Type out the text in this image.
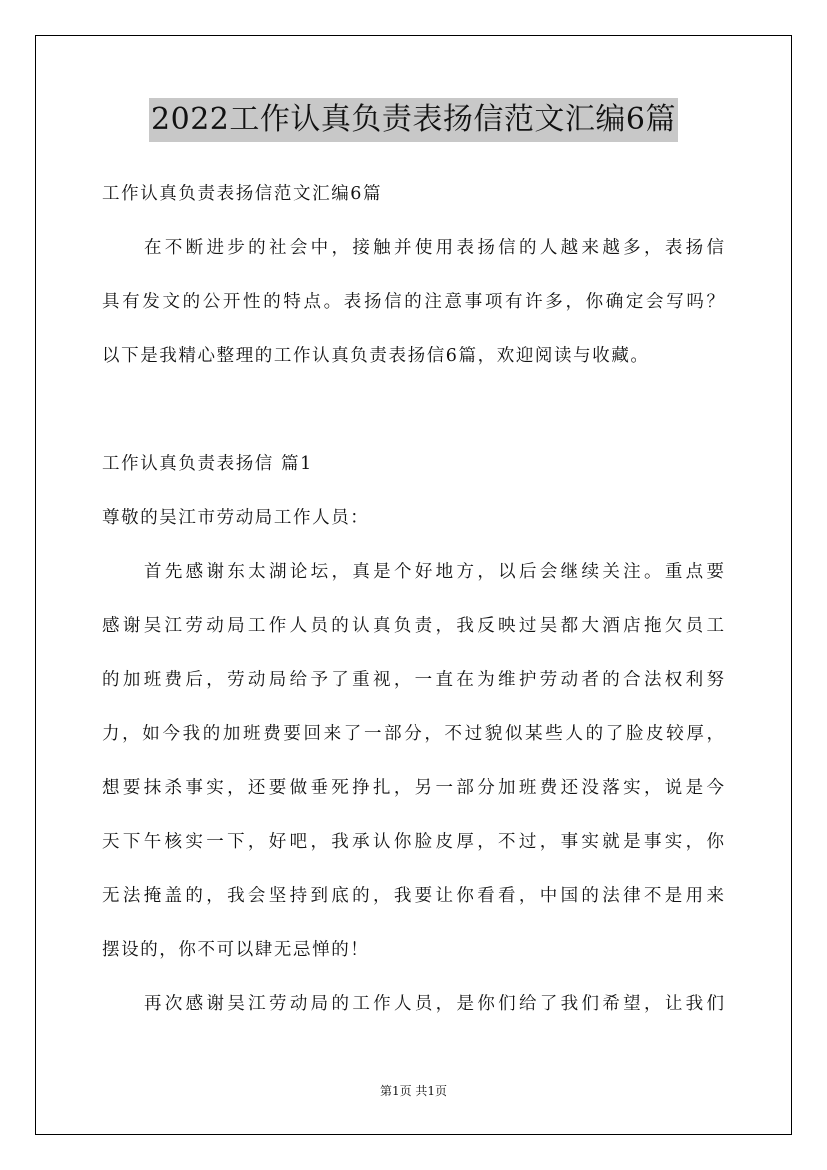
2022工作认真负责表扬信范文汇编6篇
工作认真负责表扬信范文汇编6篇
在不断进步的社会中，接触并使用表扬信的人越来越多，表扬信
具有发文的公开性的特点。表扬信的注意事项有许多，你确定会写吗？
以下是我精心整理的工作认真负责表扬信6篇，欢迎阅读与收藏。
工作认真负责表扬信 篇1
尊敬的吴江市劳动局工作人员：
首先感谢东太湖论坛，真是个好地方，以后会继续关注。重点要
感谢吴江劳动局工作人员的认真负责，我反映过吴都大酒店拖欠员工
的加班费后，劳动局给予了重视，一直在为维护劳动者的合法权利努
力，如今我的加班费要回来了一部分，不过貌似某些人的了脸皮较厚，
想要抹杀事实，还要做垂死挣扎，另一部分加班费还没落实，说是今
天下午核实一下，好吧，我承认你脸皮厚，不过，事实就是事实，你
无法掩盖的，我会坚持到底的，我要让你看看，中国的法律不是用来
摆设的，你不可以肆无忌惮的！
再次感谢吴江劳动局的工作人员，是你们给了我们希望，让我们
第1页 共1页
